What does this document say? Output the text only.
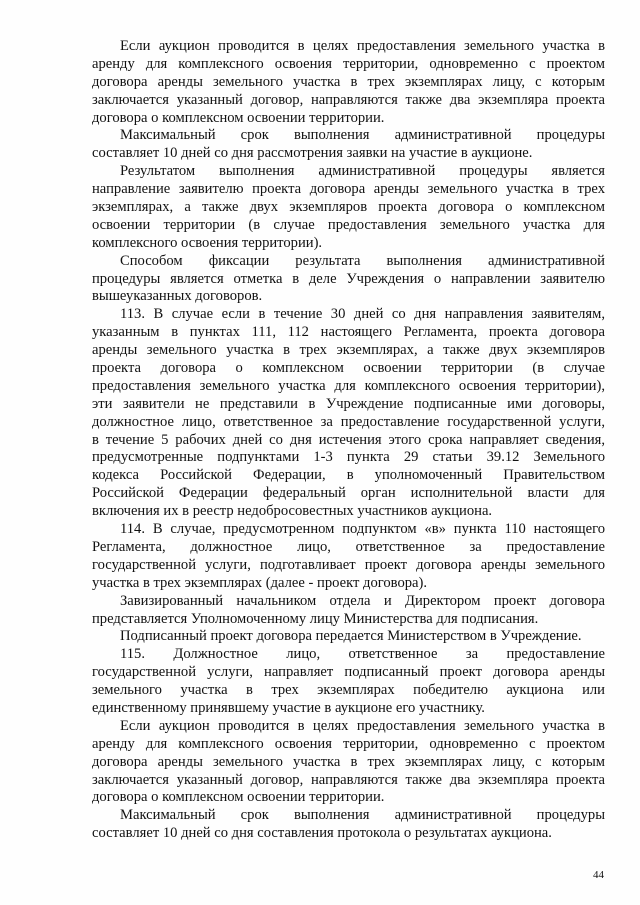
Если аукцион проводится в целях предоставления земельного участка в
аренду для комплексного освоения территории, одновременно с проектом
договора аренды земельного участка в трех экземплярах лицу, с которым
заключается указанный договор, направляются также два экземпляра проекта
договора о комплексном освоении территории.
Максимальный срок выполнения административной процедуры
составляет 10 дней со дня рассмотрения заявки на участие в аукционе.
Результатом выполнения административной процедуры является
направление заявителю проекта договора аренды земельного участка в трех
экземплярах, а также двух экземпляров проекта договора о комплексном
освоении территории (в случае предоставления земельного участка для
комплексного освоения территории).
Способом фиксации результата выполнения административной
процедуры является отметка в деле Учреждения о направлении заявителю
вышеуказанных договоров.
113. В случае если в течение 30 дней со дня направления заявителям,
указанным в пунктах 111, 112 настоящего Регламента, проекта договора
аренды земельного участка в трех экземплярах, а также двух экземпляров
проекта договора о комплексном освоении территории (в случае
предоставления земельного участка для комплексного освоения территории),
эти заявители не представили в Учреждение подписанные ими договоры,
должностное лицо, ответственное за предоставление государственной услуги,
в течение 5 рабочих дней со дня истечения этого срока направляет сведения,
предусмотренные подпунктами 1-3 пункта 29 статьи 39.12 Земельного
кодекса Российской Федерации, в уполномоченный Правительством
Российской Федерации федеральный орган исполнительной власти для
включения их в реестр недобросовестных участников аукциона.
114. В случае, предусмотренном подпунктом «в» пункта 110 настоящего
Регламента, должностное лицо, ответственное за предоставление
государственной услуги, подготавливает проект договора аренды земельного
участка в трех экземплярах (далее - проект договора).
Завизированный начальником отдела и Директором проект договора
представляется Уполномоченному лицу Министерства для подписания.
Подписанный проект договора передается Министерством в Учреждение.
115. Должностное лицо, ответственное за предоставление
государственной услуги, направляет подписанный проект договора аренды
земельного участка в трех экземплярах победителю аукциона или
единственному принявшему участие в аукционе его участнику.
Если аукцион проводится в целях предоставления земельного участка в
аренду для комплексного освоения территории, одновременно с проектом
договора аренды земельного участка в трех экземплярах лицу, с которым
заключается указанный договор, направляются также два экземпляра проекта
договора о комплексном освоении территории.
Максимальный срок выполнения административной процедуры
составляет 10 дней со дня составления протокола о результатах аукциона.
44
